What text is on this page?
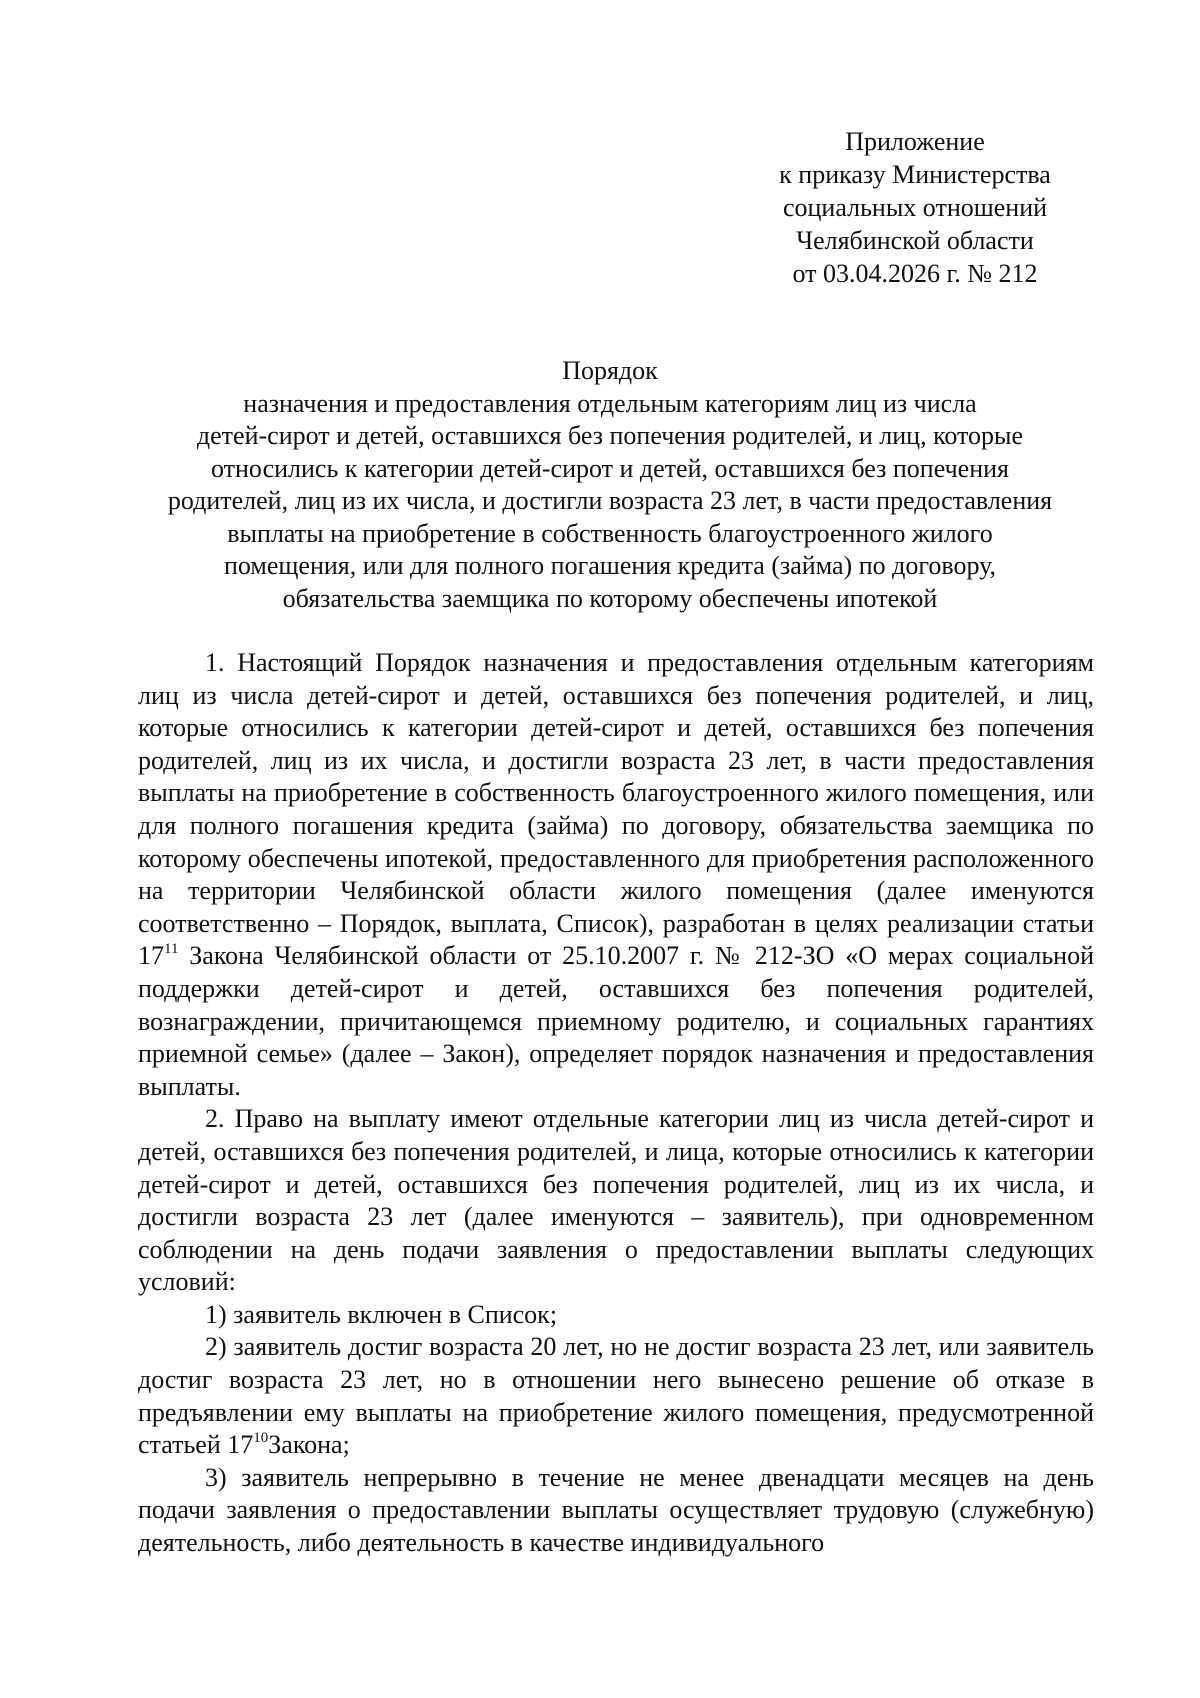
Приложение
к приказу Министерства
социальных отношений
Челябинской области
от 03.04.2026 г. № 212
Порядок
назначения и предоставления отдельным категориям лиц из числа
детей-сирот и детей, оставшихся без попечения родителей, и лиц, которые
относились к категории детей-сирот и детей, оставшихся без попечения
родителей, лиц из их числа, и достигли возраста 23 лет, в части предоставления
выплаты на приобретение в собственность благоустроенного жилого
помещения, или для полного погашения кредита (займа) по договору,
обязательства заемщика по которому обеспечены ипотекой

1. Настоящий Порядок назначения и предоставления отдельным категориям лиц из числа детей-сирот и детей, оставшихся без попечения родителей, и лиц, которые относились к категории детей-сирот и детей, оставшихся без попечения родителей, лиц из их числа, и достигли возраста 23 лет, в части предоставления выплаты на приобретение в собственность благоустроенного жилого помещения, или для полного погашения кредита (займа) по договору, обязательства заемщика по которому обеспечены ипотекой, предоставленного для приобретения расположенного на территории Челябинской области жилого помещения (далее именуются соответственно – Порядок, выплата, Список), разработан в целях реализации статьи $17^{11}$ Закона Челябинской области от 25.10.2007 г. № 212-ЗО «О мерах социальной поддержки детей-сирот и детей, оставшихся без попечения родителей, вознаграждении, причитающемся приемному родителю, и социальных гарантиях приемной семье» (далее – Закон), определяет порядок назначения и предоставления выплаты.

2. Право на выплату имеют отдельные категории лиц из числа детей-сирот и детей, оставшихся без попечения родителей, и лица, которые относились к категории детей-сирот и детей, оставшихся без попечения родителей, лиц из их числа, и достигли возраста 23 лет (далее именуются – заявитель), при одновременном соблюдении на день подачи заявления о предоставлении выплаты следующих условий:

1) заявитель включен в Список;

2) заявитель достиг возраста 20 лет, но не достиг возраста 23 лет, или заявитель достиг возраста 23 лет, но в отношении него вынесено решение об отказе в предъявлении ему выплаты на приобретение жилого помещения, предусмотренной статьей $17^{10}Закона$;

3) заявитель непрерывно в течение не менее двенадцати месяцев на день подачи заявления о предоставлении выплаты осуществляет трудовую (служебную) деятельность, либо деятельность в качестве индивидуального
